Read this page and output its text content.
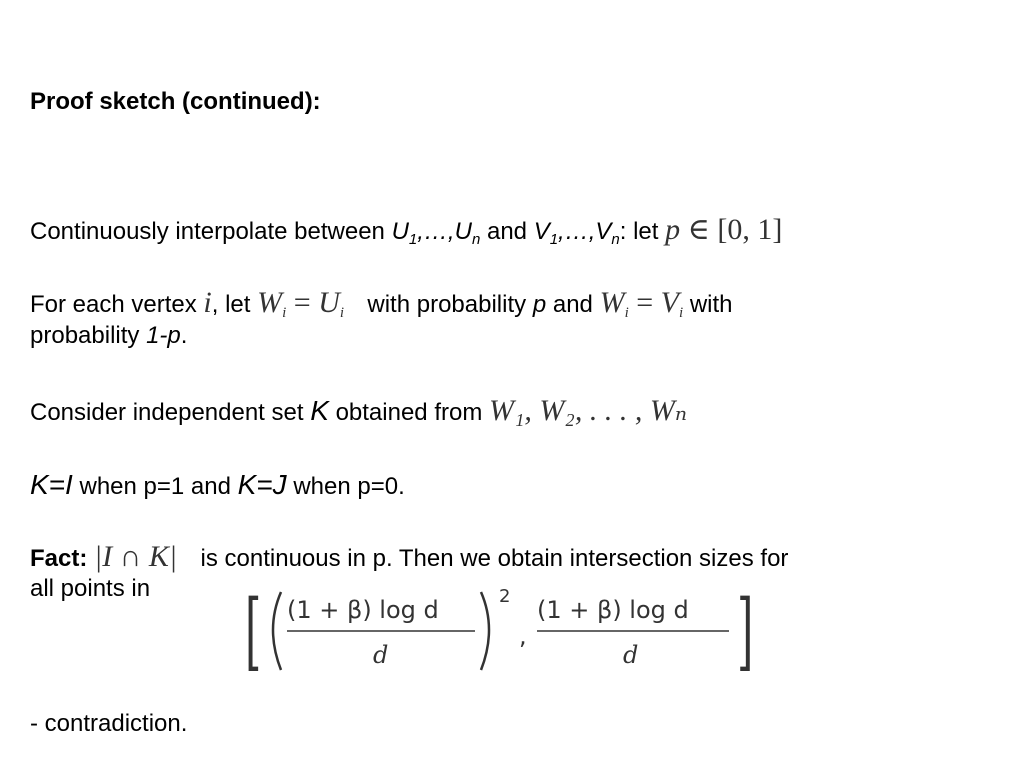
Proof sketch (continued):
Continuously interpolate between $U_1,\dots,U_n$ and $V_1,\dots,V_n$: let p ∈ [0, 1]
For each vertex i, let $W_i = U_i$ with probability p and $W_i = V_i$ with
probability 1-p.
Consider independent set K obtained from W₁, W₂, . . . , Wₙ
K=I when p=1 and K=J when p=0.
Fact: |I ∩ K| is continuous in p. Then we obtain intersection sizes for
all points in [ (1 + β) log d
d
2
,
(1 + β) log d
d ]
- contradiction.
